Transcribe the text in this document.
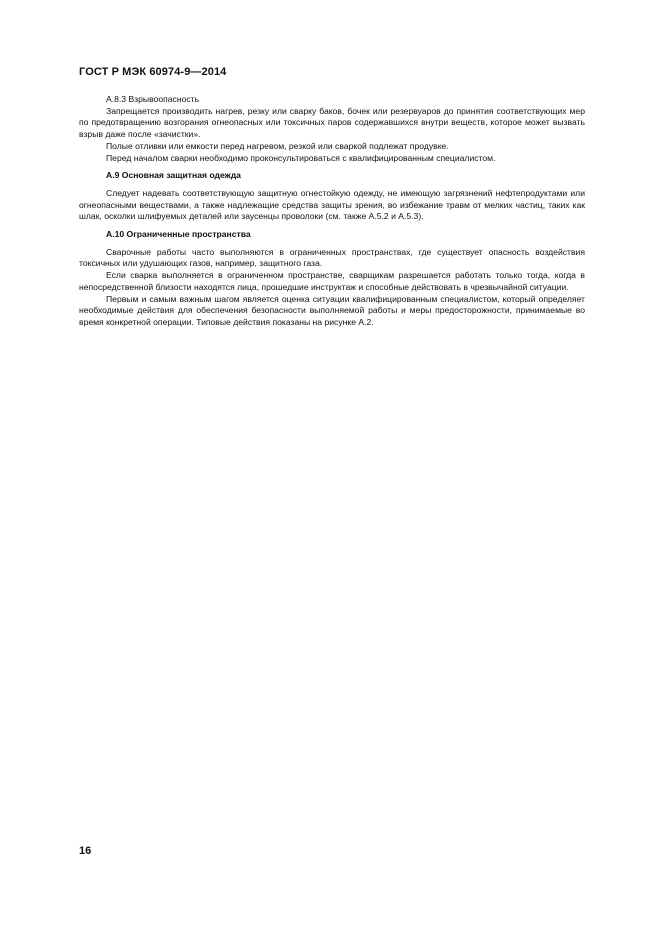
ГОСТ Р МЭК 60974-9—2014

А.8.3 Взрывоопасность

Запрещается производить нагрев, резку или сварку баков, бочек или резервуаров до принятия соответствующих мер по предотвращению возгорания огнеопасных или токсичных паров содержавшихся внутри веществ, которое может вызвать взрыв даже после «зачистки».

Полые отливки или емкости перед нагревом, резкой или сваркой подлежат продувке.

Перед началом сварки необходимо проконсультироваться с квалифицированным специалистом.

А.9 Основная защитная одежда

Следует надевать соответствующую защитную огнестойкую одежду, не имеющую загрязнений нефтепродуктами или огнеопасными веществами, а также надлежащие средства защиты зрения, во избежание травм от мелких частиц, таких как шлак, осколки шлифуемых деталей или заусенцы проволоки (см. также А.5.2 и А.5.3).

А.10 Ограниченные пространства

Сварочные работы часто выполняются в ограниченных пространствах, где существует опасность воздействия токсичных или удушающих газов, например, защитного газа.

Если сварка выполняется в ограниченном пространстве, сварщикам разрешается работать только тогда, когда в непосредственной близости находятся лица, прошедшие инструктаж и способные действовать в чрезвычайной ситуации.

Первым и самым важным шагом является оценка ситуации квалифицированным специалистом, который определяет необходимые действия для обеспечения безопасности выполняемой работы и меры предосторожности, принимаемые во время конкретной операции. Типовые действия показаны на рисунке А.2.

16
